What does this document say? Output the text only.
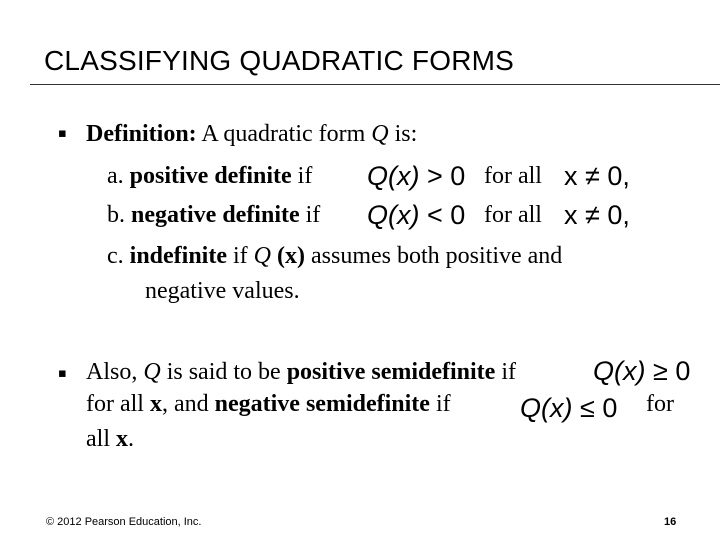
CLASSIFYING QUADRATIC FORMS
▪ Definition: A quadratic form Q is:
a. positive definite if Q(x) > 0 for all x ≠ 0,
b. negative definite if Q(x) < 0 for all x ≠ 0,
c. indefinite if Q (x) assumes both positive and
negative values.
▪ Also, Q is said to be positive semidefinite if	Q(x) ≥ 0
for all x, and negative semidefinite if	Q(x) ≤ 0 for
all x.
© 2012 Pearson Education, Inc.	16
